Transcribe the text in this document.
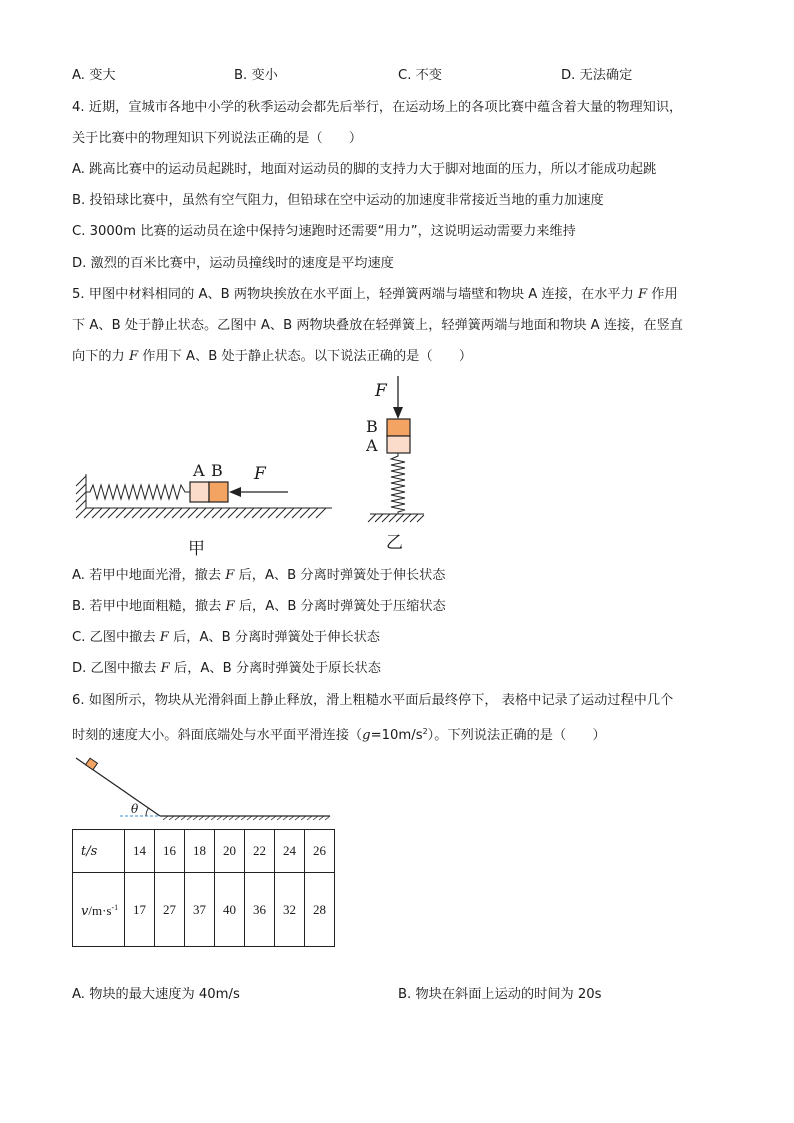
A. 变大	B. 变小	C. 不变	D. 无法确定
4. 近期，宣城市各地中小学的秋季运动会都先后举行，在运动场上的各项比赛中蕴含着大量的物理知识，
关于比赛中的物理知识下列说法正确的是（　　）
A. 跳高比赛中的运动员起跳时，地面对运动员的脚的支持力大于脚对地面的压力，所以才能成功起跳
B. 投铅球比赛中，虽然有空气阻力，但铅球在空中运动的加速度非常接近当地的重力加速度
C. 3000m 比赛的运动员在途中保持匀速跑时还需要“用力”，这说明运动需要力来维持
D. 激烈的百米比赛中，运动员撞线时的速度是平均速度
5. 甲图中材料相同的 A、B 两物块挨放在水平面上，轻弹簧两端与墙壁和物块 A 连接，在水平力 F 作用
下 A、B 处于静止状态。乙图中 A、B 两物块叠放在轻弹簧上，轻弹簧两端与地面和物块 A 连接，在竖直
向下的力 F 作用下 A、B 处于静止状态。以下说法正确的是（　　）
A B F
甲
F
B
A
乙
A. 若甲中地面光滑，撤去 F 后，A、B 分离时弹簧处于伸长状态
B. 若甲中地面粗糙，撤去 F 后，A、B 分离时弹簧处于压缩状态
C. 乙图中撤去 F 后，A、B 分离时弹簧处于伸长状态
D. 乙图中撤去 F 后，A、B 分离时弹簧处于原长状态
6. 如图所示，物块从光滑斜面上静止释放，滑上粗糙水平面后最终停下， 表格中记录了运动过程中几个
时刻的速度大小。斜面底端处与水平面平滑连接$(g=10m/s^2)$。下列说法正确的是（　　）
θ
t/s	14	16	18	20	22	24	26
$v/m\cdot s^{-1}$	17	27	37	40	36	32	28
A. 物块的最大速度为 40m/s	B. 物块在斜面上运动的时间为 20s
